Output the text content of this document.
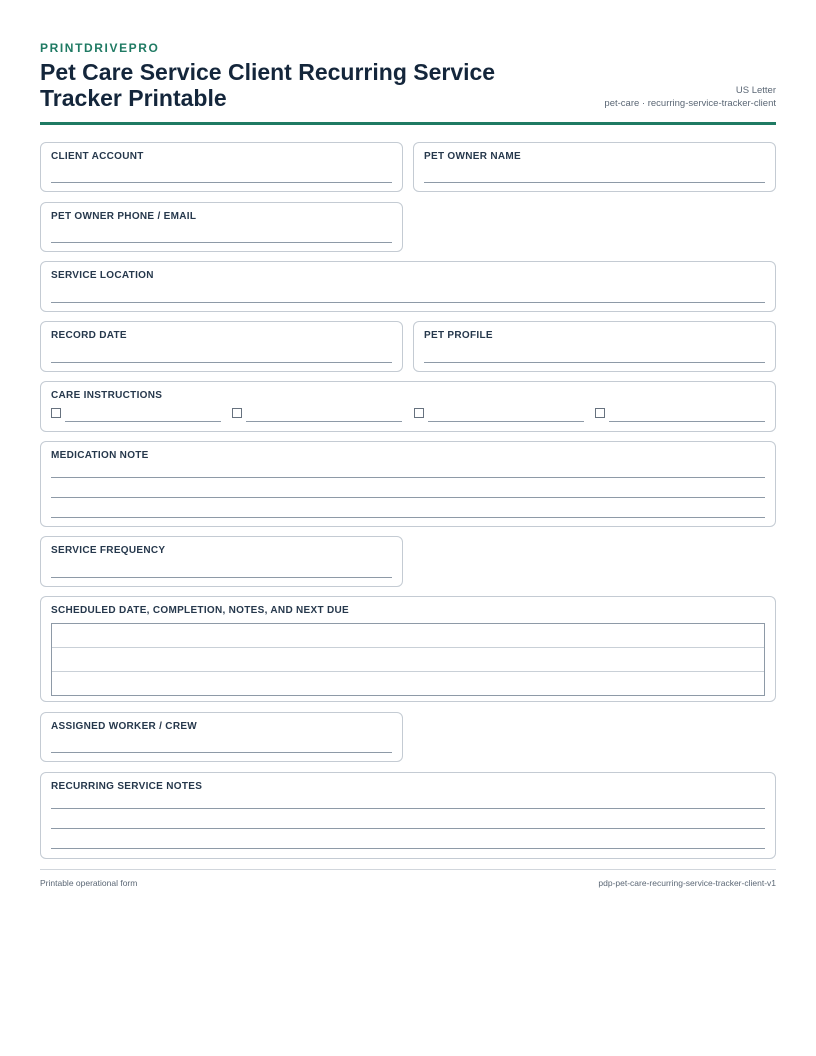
PRINTDRIVEPRO
Pet Care Service Client Recurring Service Tracker Printable	US Letter
pet-care · recurring-service-tracker-client
CLIENT ACCOUNT	PET OWNER NAME
PET OWNER PHONE / EMAIL
SERVICE LOCATION
RECORD DATE	PET PROFILE
CARE INSTRUCTIONS
MEDICATION NOTE
SERVICE FREQUENCY
SCHEDULED DATE, COMPLETION, NOTES, AND NEXT DUE
ASSIGNED WORKER / CREW
RECURRING SERVICE NOTES
Printable operational form	pdp-pet-care-recurring-service-tracker-client-v1
